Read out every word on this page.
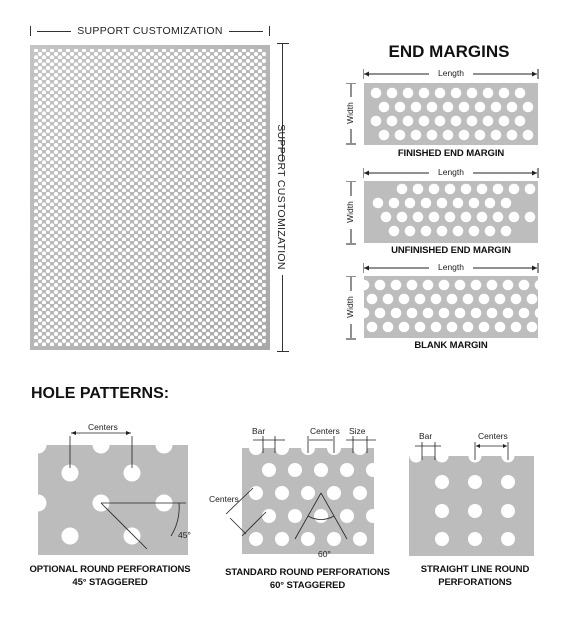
SUPPORT CUSTOMIZATION
SUPPORT CUSTOMIZATION
END MARGINS
Length
Width
FINISHED END MARGIN
Length
Width
UNFINISHED END MARGIN
Length
Width
BLANK MARGIN
HOLE PATTERNS:
Centers
45°
OPTIONAL ROUND PERFORATIONS
45° STAGGERED
Bar	Centers Size
Centers
60°
STANDARD ROUND PERFORATIONS
60° STAGGERED
Bar	Centers
STRAIGHT LINE ROUND
PERFORATIONS
